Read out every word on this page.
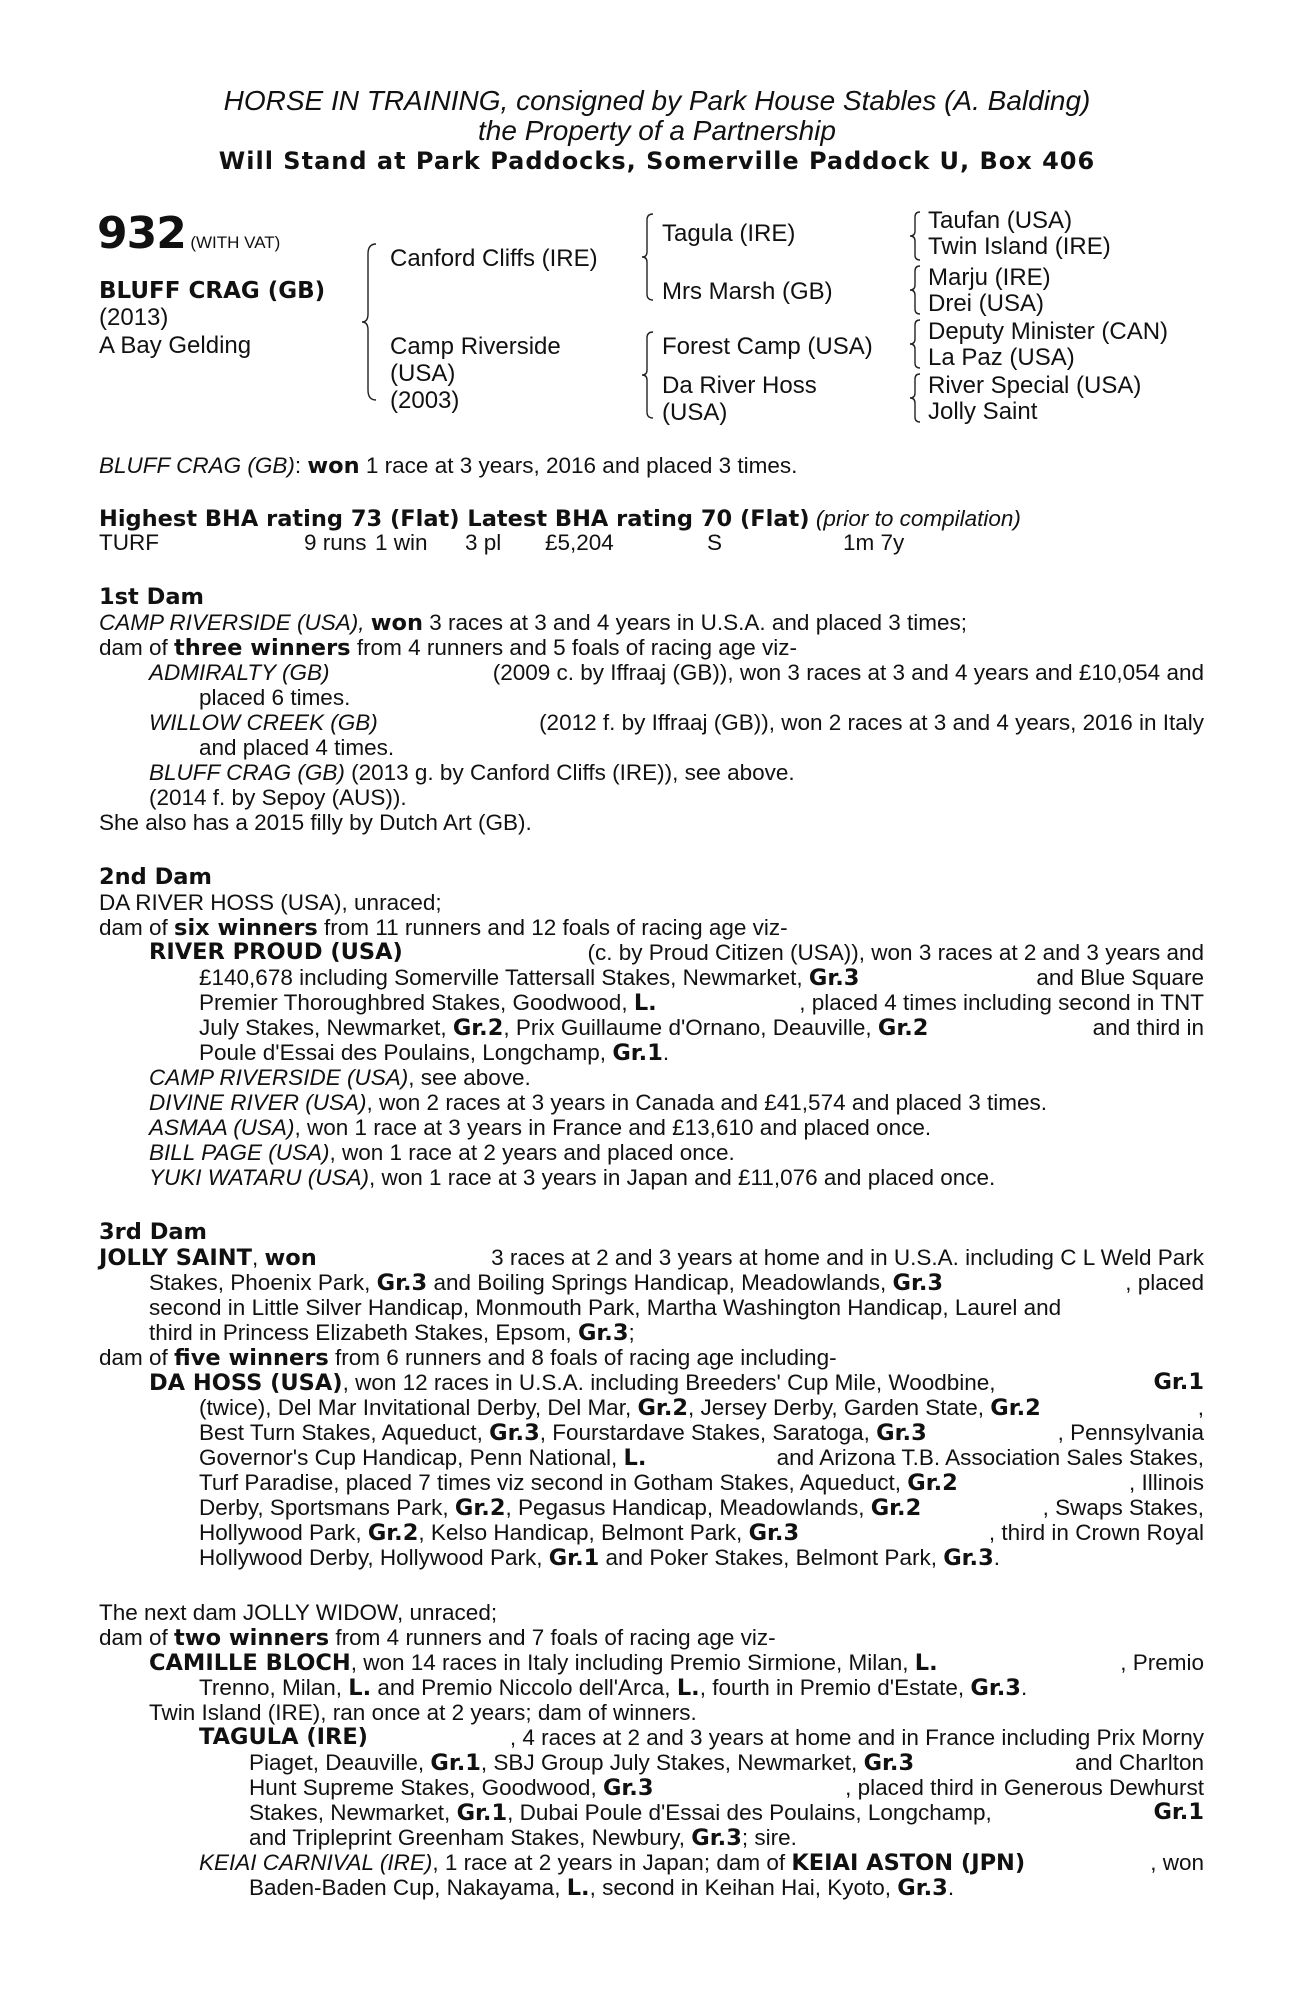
HORSE IN TRAINING, consigned by Park House Stables (A. Balding)
the Property of a Partnership
Will Stand at Park Paddocks, Somerville Paddock U, Box 406
932 (WITH VAT)
BLUFF CRAG (GB)
(2013)
A Bay Gelding
Canford Cliffs (IRE)
Camp Riverside
(USA)
(2003)
Tagula (IRE)
Mrs Marsh (GB)
Forest Camp (USA)
Da River Hoss
(USA)
Taufan (USA)
Twin Island (IRE)
Marju (IRE)
Drei (USA)
Deputy Minister (CAN)
La Paz (USA)
River Special (USA)
Jolly Saint
BLUFF CRAG (GB): won 1 race at 3 years, 2016 and placed 3 times.
Highest BHA rating 73 (Flat) Latest BHA rating 70 (Flat) (prior to compilation)
TURF	9 runs 1 win 3 pl £5,204	S	1m 7y
1st Dam
CAMP RIVERSIDE (USA), won 3 races at 3 and 4 years in U.S.A. and placed 3 times;
dam of three winners from 4 runners and 5 foals of racing age viz-
ADMIRALTY (GB)	(2009 c. by Iffraaj (GB)), won 3 races at 3 and 4 years and £10,054 and
placed 6 times.
WILLOW CREEK (GB)	(2012 f. by Iffraaj (GB)), won 2 races at 3 and 4 years, 2016 in Italy
and placed 4 times.
BLUFF CRAG (GB) (2013 g. by Canford Cliffs (IRE)), see above.
(2014 f. by Sepoy (AUS)).
She also has a 2015 filly by Dutch Art (GB).
2nd Dam
DA RIVER HOSS (USA), unraced;
dam of six winners from 11 runners and 12 foals of racing age viz-
RIVER PROUD (USA)	(c. by Proud Citizen (USA)), won 3 races at 2 and 3 years and
£140,678 including Somerville Tattersall Stakes, Newmarket, Gr.3	and Blue Square
Premier Thoroughbred Stakes, Goodwood, L.	, placed 4 times including second in TNT
July Stakes, Newmarket, Gr.2, Prix Guillaume d'Ornano, Deauville, Gr.2	and third in
Poule d'Essai des Poulains, Longchamp, Gr.1.
CAMP RIVERSIDE (USA), see above.
DIVINE RIVER (USA), won 2 races at 3 years in Canada and £41,574 and placed 3 times.
ASMAA (USA), won 1 race at 3 years in France and £13,610 and placed once.
BILL PAGE (USA), won 1 race at 2 years and placed once.
YUKI WATARU (USA), won 1 race at 3 years in Japan and £11,076 and placed once.
3rd Dam
JOLLY SAINT, won	3 races at 2 and 3 years at home and in U.S.A. including C L Weld Park
Stakes, Phoenix Park, Gr.3 and Boiling Springs Handicap, Meadowlands, Gr.3	, placed
second in Little Silver Handicap, Monmouth Park, Martha Washington Handicap, Laurel and
third in Princess Elizabeth Stakes, Epsom, Gr.3;
dam of five winners from 6 runners and 8 foals of racing age including-
DA HOSS (USA), won 12 races in U.S.A. including Breeders' Cup Mile, Woodbine,	Gr.1
(twice), Del Mar Invitational Derby, Del Mar, Gr.2, Jersey Derby, Garden State, Gr.2	,
Best Turn Stakes, Aqueduct, Gr.3, Fourstardave Stakes, Saratoga, Gr.3	, Pennsylvania
Governor's Cup Handicap, Penn National, L.	and Arizona T.B. Association Sales Stakes,
Turf Paradise, placed 7 times viz second in Gotham Stakes, Aqueduct, Gr.2	, Illinois
Derby, Sportsmans Park, Gr.2, Pegasus Handicap, Meadowlands, Gr.2	, Swaps Stakes,
Hollywood Park, Gr.2, Kelso Handicap, Belmont Park, Gr.3	, third in Crown Royal
Hollywood Derby, Hollywood Park, Gr.1 and Poker Stakes, Belmont Park, Gr.3.
The next dam JOLLY WIDOW, unraced;
dam of two winners from 4 runners and 7 foals of racing age viz-
CAMILLE BLOCH, won 14 races in Italy including Premio Sirmione, Milan, L.	, Premio
Trenno, Milan, L. and Premio Niccolo dell'Arca, L., fourth in Premio d'Estate, Gr.3.
Twin Island (IRE), ran once at 2 years; dam of winners.
TAGULA (IRE)	, 4 races at 2 and 3 years at home and in France including Prix Morny
Piaget, Deauville, Gr.1, SBJ Group July Stakes, Newmarket, Gr.3	and Charlton
Hunt Supreme Stakes, Goodwood, Gr.3	, placed third in Generous Dewhurst
Stakes, Newmarket, Gr.1, Dubai Poule d'Essai des Poulains, Longchamp,	Gr.1
and Tripleprint Greenham Stakes, Newbury, Gr.3; sire.
KEIAI CARNIVAL (IRE), 1 race at 2 years in Japan; dam of KEIAI ASTON (JPN)	, won
Baden-Baden Cup, Nakayama, L., second in Keihan Hai, Kyoto, Gr.3.
